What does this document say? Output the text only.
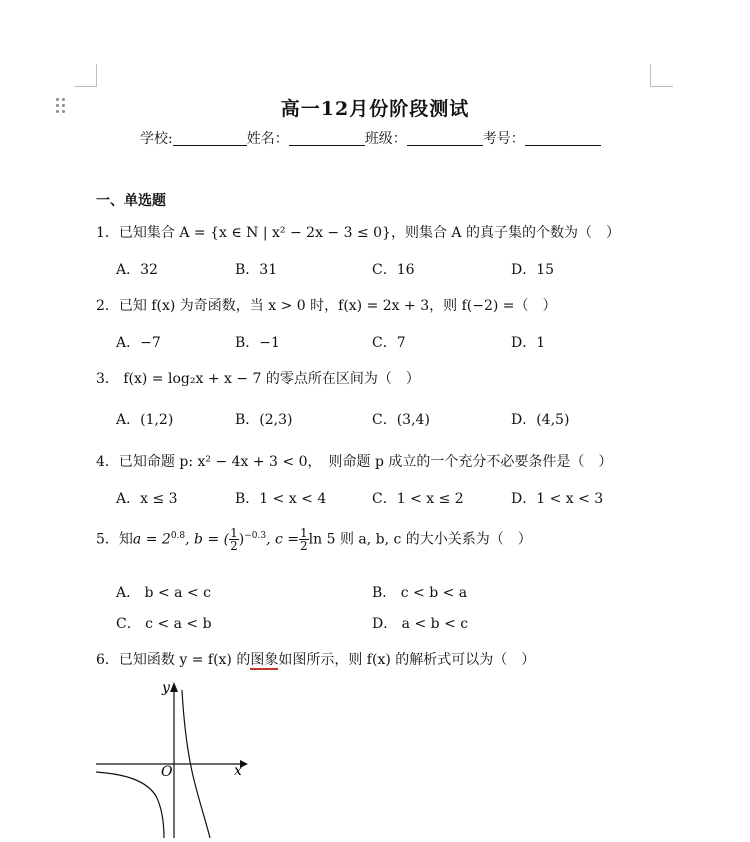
高一12月份阶段测试
学校:	姓名：	班级：	考号：
一、单选题
1．已知集合 A = {x ∈ N | x² − 2x − 3 ≤ 0}，则集合 A 的真子集的个数为（　）
A．32	B．31	C．16	D．15
2．已知 f(x) 为奇函数，当 x > 0 时，f(x) = 2x + 3，则 f(−2) =（　）
A．−7	B．−1	C．7	D．1
3． f(x) = log₂x + x − 7 的零点所在区间为（　）
A．(1,2)	B．(2,3)	C．(3,4)	D．(4,5)
4．已知命题 p: x² − 4x + 3 < 0，　则命题 p 成立的一个充分不必要条件是（　）
A．x ≤ 3	B．1 < x < 4	C．1 < x ≤ 2	D．1 < x < 3
5．知$a = 2^{0.8}$, b = ( $\frac{1}{2} )^{-0.3}$, $c = \frac{1}{2}$ ln 5 则 a, b, c 的大小关系为（　）
A． b < a < c	B． c < b < a
C． c < a < b	D． a < b < c
6．已知函数 y = f(x) 的图象如图所示，则 f(x) 的解析式可以为（　）
y
x
O
